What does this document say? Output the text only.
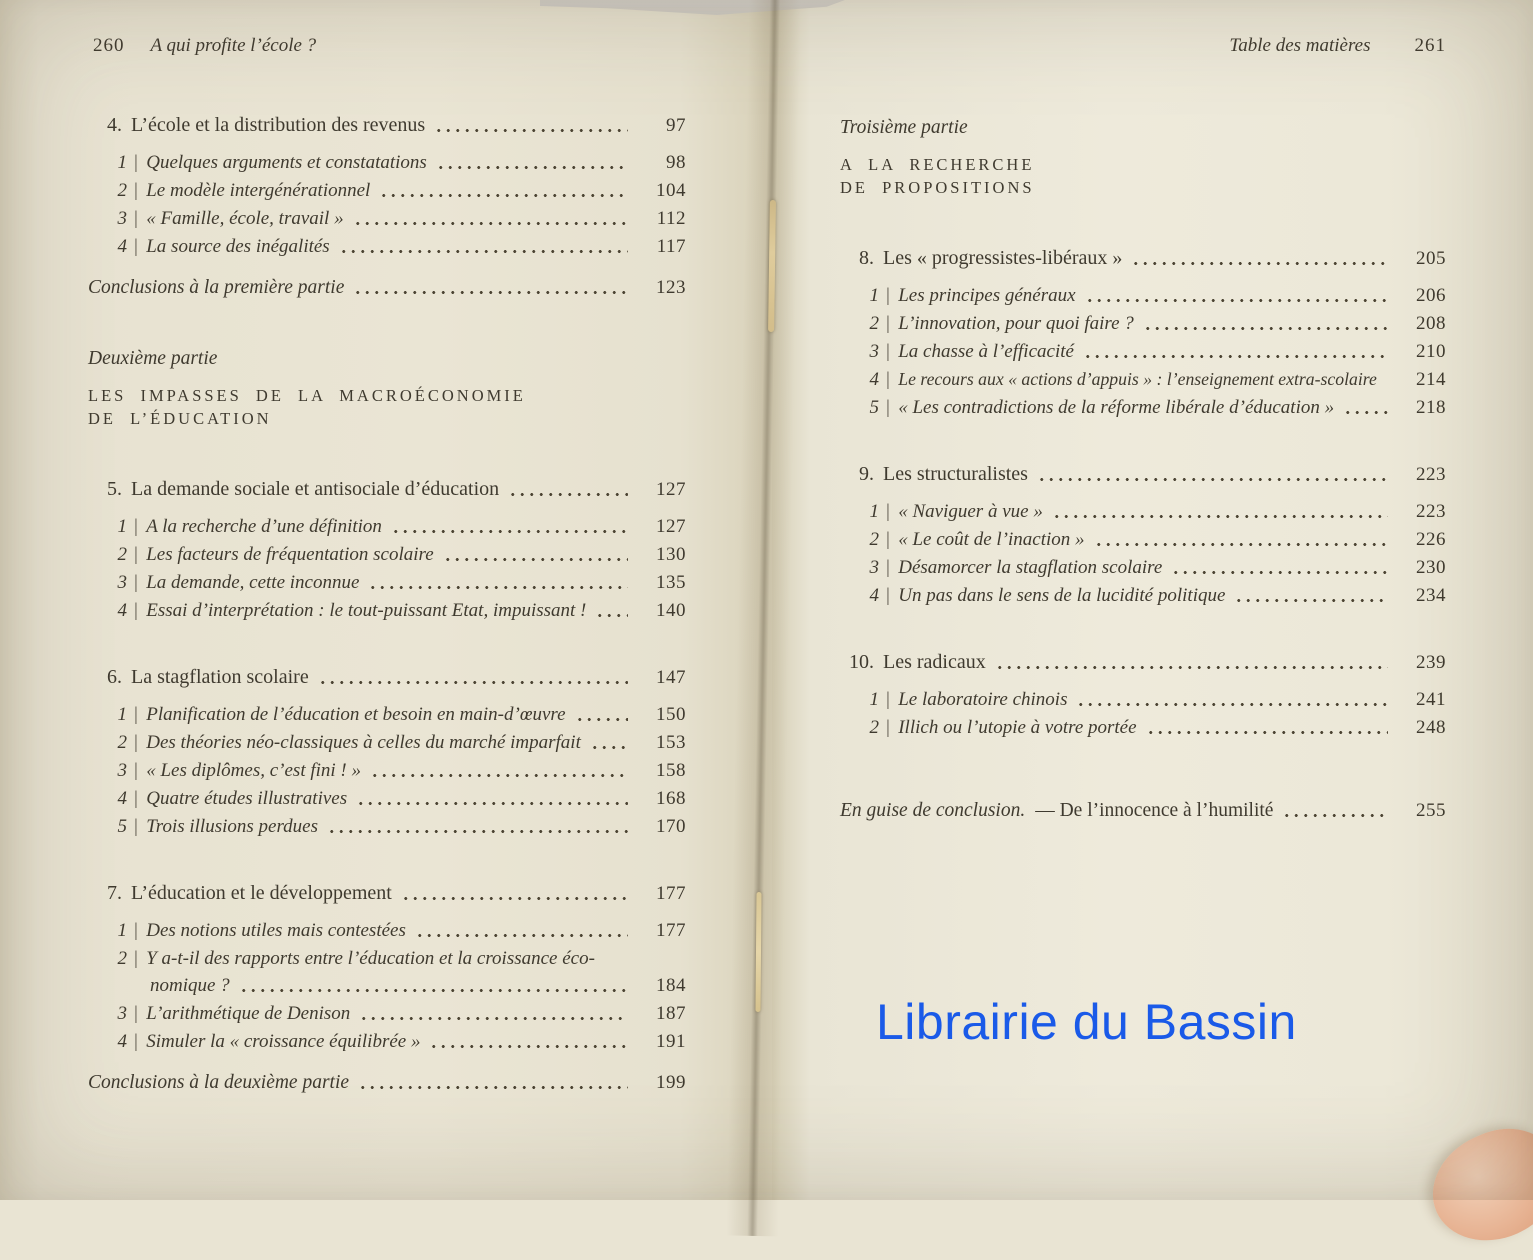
260 A qui profite l’école ?
4. L’école et la distribution des revenus	97
1 | Quelques arguments et constatations	98
2 | Le modèle intergénérationnel	104
3 | « Famille, école, travail »	112
4 | La source des inégalités	117
Conclusions à la première partie	123
Deuxième partie
LES IMPASSES DE LA MACROÉCONOMIE
DE L’ÉDUCATION
5. La demande sociale et antisociale d’éducation	127
1 | A la recherche d’une définition	127
2 | Les facteurs de fréquentation scolaire	130
3 | La demande, cette inconnue	135
4 | Essai d’interprétation : le tout-puissant Etat, impuissant !	140
6. La stagflation scolaire	147
1 | Planification de l’éducation et besoin en main-d’œuvre	150
2 | Des théories néo-classiques à celles du marché imparfait	153
3 | « Les diplômes, c’est fini ! »	158
4 | Quatre études illustratives	168
5 | Trois illusions perdues	170
7. L’éducation et le développement	177
1 | Des notions utiles mais contestées	177
2 | Y a-t-il des rapports entre l’éducation et la croissance éco-
nomique ?	184
3 | L’arithmétique de Denison	187
4 | Simuler la « croissance équilibrée »	191
Conclusions à la deuxième partie	199
Table des matières 261
Troisième partie
A LA RECHERCHE
DE PROPOSITIONS
8. Les « progressistes-libéraux »	205
1 | Les principes généraux	206
2 | L’innovation, pour quoi faire ?	208
3 | La chasse à l’efficacité	210
4 | Le recours aux « actions d’appuis » : l’enseignement extra-scolaire	214
5 | « Les contradictions de la réforme libérale d’éducation »	218
9. Les structuralistes	223
1 | « Naviguer à vue »	223
2 | « Le coût de l’inaction »	226
3 | Désamorcer la stagflation scolaire	230
4 | Un pas dans le sens de la lucidité politique	234
10. Les radicaux	239
1 | Le laboratoire chinois	241
2 | Illich ou l’utopie à votre portée	248
En guise de conclusion. — De l’innocence à l’humilité	255
Librairie du Bassin
